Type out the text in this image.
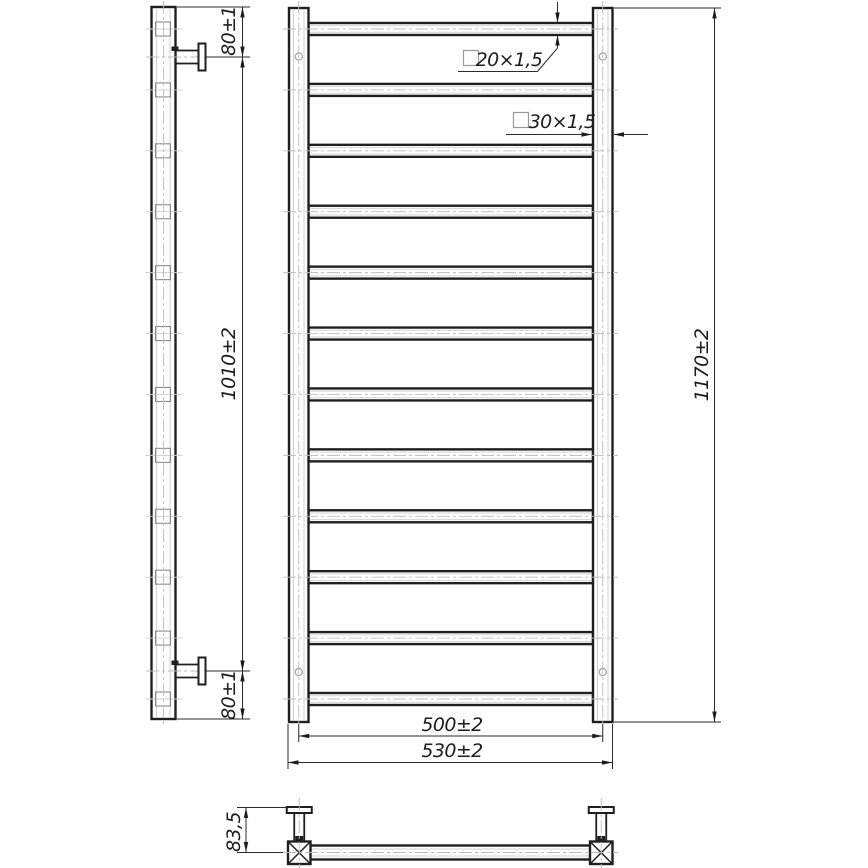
80±1
1010±2
80±1
20×1,5
30×1,5
1170±2
500±2
530±2
83,5
